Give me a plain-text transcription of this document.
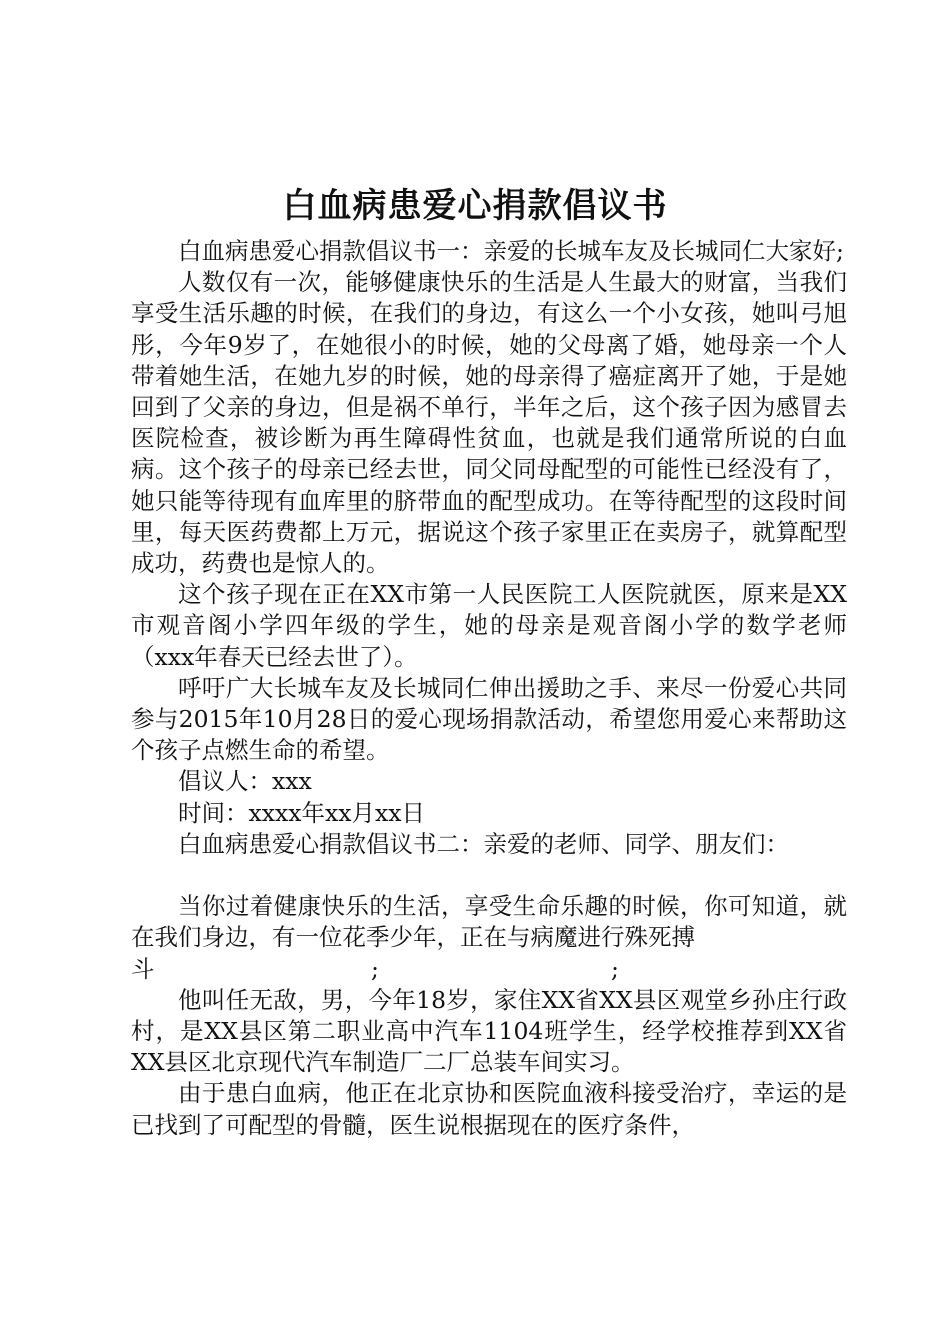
白血病患爱心捐款倡议书

白血病患爱心捐款倡议书一：亲爱的长城车友及长城同仁大家好;

人数仅有一次，能够健康快乐的生活是人生最大的财富，当我们享受生活乐趣的时候，在我们的身边，有这么一个小女孩，她叫弓旭彤，今年9岁了，在她很小的时候，她的父母离了婚，她母亲一个人带着她生活，在她九岁的时候，她的母亲得了癌症离开了她，于是她回到了父亲的身边，但是祸不单行，半年之后，这个孩子因为感冒去医院检查，被诊断为再生障碍性贫血，也就是我们通常所说的白血病。这个孩子的母亲已经去世，同父同母配型的可能性已经没有了，她只能等待现有血库里的脐带血的配型成功。在等待配型的这段时间里，每天医药费都上万元，据说这个孩子家里正在卖房子，就算配型成功，药费也是惊人的。

这个孩子现在正在XX市第一人民医院工人医院就医，原来是XX市观音阁小学四年级的学生，她的母亲是观音阁小学的数学老师（xxx年春天已经去世了）。

呼吁广大长城车友及长城同仁伸出援助之手、来尽一份爱心共同参与2015年10月28日的爱心现场捐款活动，希望您用爱心来帮助这个孩子点燃生命的希望。

倡议人：xxx

时间：xxxx年xx月xx日

白血病患爱心捐款倡议书二：亲爱的老师、同学、朋友们：

当你过着健康快乐的生活，享受生命乐趣的时候，你可知道，就在我们身边，有一位花季少年，正在与病魔进行殊死搏

斗	;	;

他叫任无敌，男，今年18岁，家住XX省XX县区观堂乡孙庄行政村，是XX县区第二职业高中汽车1104班学生，经学校推荐到XX省XX县区北京现代汽车制造厂二厂总装车间实习。

由于患白血病，他正在北京协和医院血液科接受治疗，幸运的是已找到了可配型的骨髓，医生说根据现在的医疗条件，
